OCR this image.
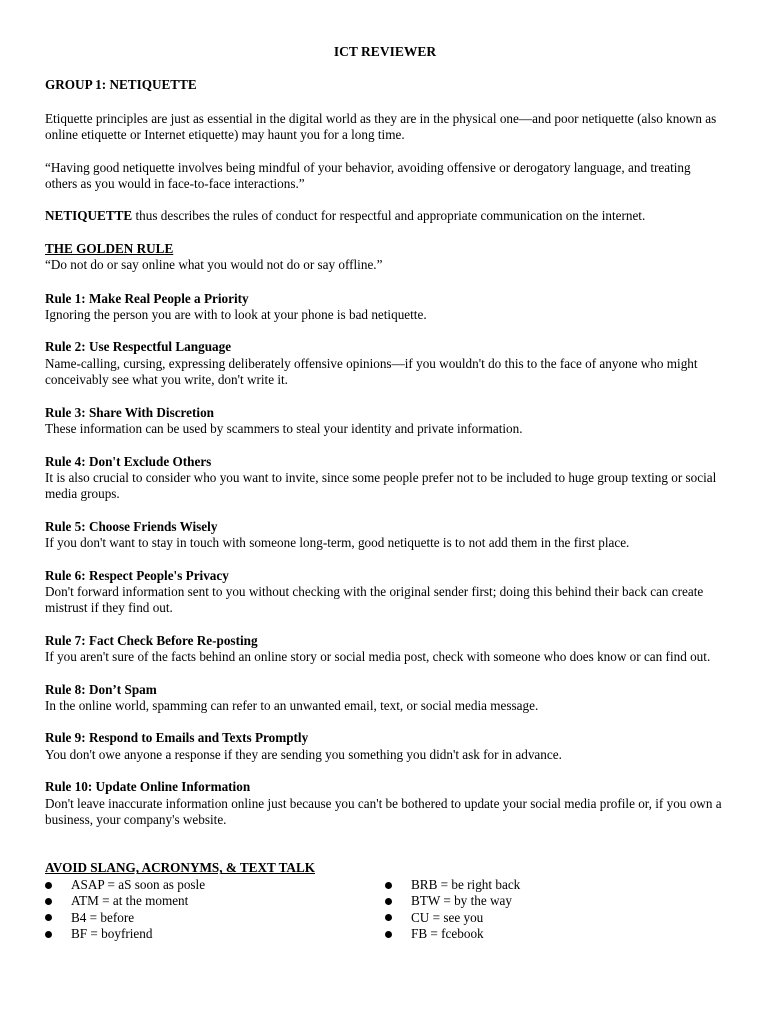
ICT REVIEWER
GROUP 1: NETIQUETTE
Etiquette principles are just as essential in the digital world as they are in the physical one—and poor netiquette (also known as online etiquette or Internet etiquette) may haunt you for a long time.
“Having good netiquette involves being mindful of your behavior, avoiding offensive or derogatory language, and treating others as you would in face-to-face interactions.”
NETIQUETTE thus describes the rules of conduct for respectful and appropriate communication on the internet.
THE GOLDEN RULE
“Do not do or say online what you would not do or say offline.”
Rule 1: Make Real People a Priority
Ignoring the person you are with to look at your phone is bad netiquette.
Rule 2: Use Respectful Language
Name-calling, cursing, expressing deliberately offensive opinions—if you wouldn't do this to the face of anyone who might conceivably see what you write, don't write it.
Rule 3: Share With Discretion
These information can be used by scammers to steal your identity and private information.
Rule 4: Don't Exclude Others
It is also crucial to consider who you want to invite, since some people prefer not to be included to huge group texting or social media groups.
Rule 5: Choose Friends Wisely
If you don't want to stay in touch with someone long-term, good netiquette is to not add them in the first place.
Rule 6: Respect People's Privacy
Don't forward information sent to you without checking with the original sender first; doing this behind their back can create mistrust if they find out.
Rule 7: Fact Check Before Re-posting
If you aren't sure of the facts behind an online story or social media post, check with someone who does know or can find out.
Rule 8: Don’t Spam
In the online world, spamming can refer to an unwanted email, text, or social media message.
Rule 9: Respond to Emails and Texts Promptly
You don't owe anyone a response if they are sending you something you didn't ask for in advance.
Rule 10: Update Online Information
Don't leave inaccurate information online just because you can't be bothered to update your social media profile or, if you own a business, your company's website.
AVOID SLANG, ACRONYMS, & TEXT TALK
ASAP = aS soon as posle
ATM = at the moment
B4 = before
BF = boyfriend
BRB = be right back
BTW = by the way
CU = see you
FB = fcebook
